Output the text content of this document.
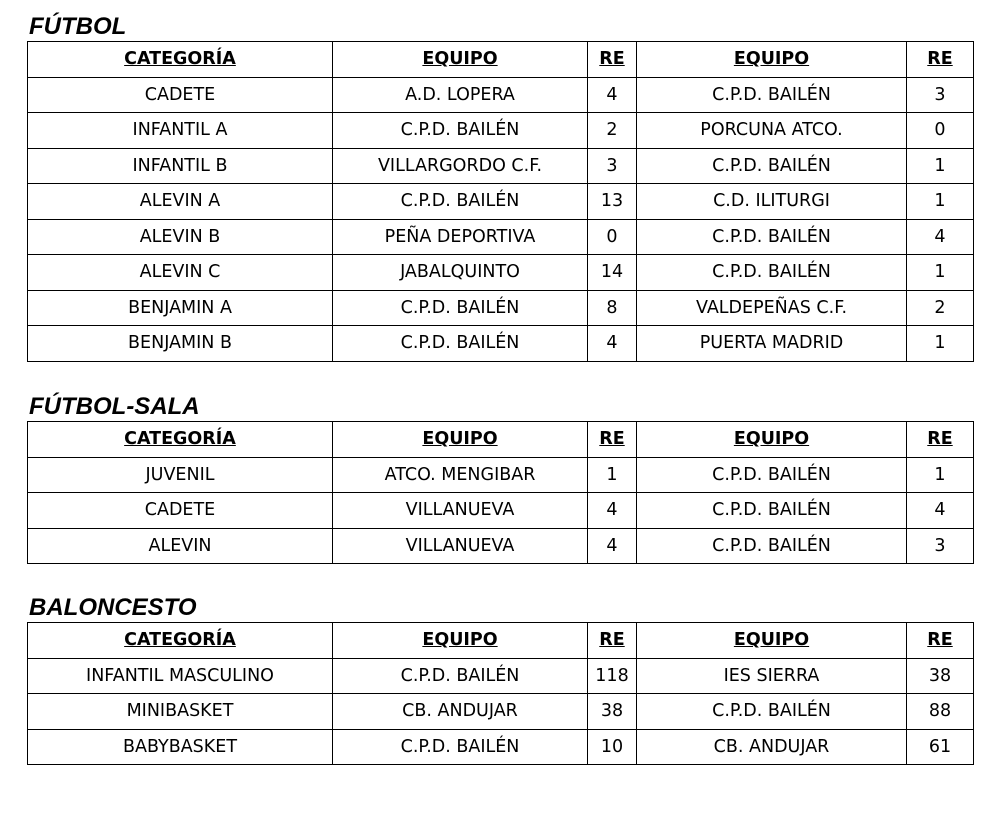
FÚTBOL
CATEGORÍA	EQUIPO	RE	EQUIPO	RE
CADETE	A.D. LOPERA	4	C.P.D. BAILÉN	3
INFANTIL A	C.P.D. BAILÉN	2	PORCUNA ATCO.	0
INFANTIL B	VILLARGORDO C.F.	3	C.P.D. BAILÉN	1
ALEVIN A	C.P.D. BAILÉN	13	C.D. ILITURGI	1
ALEVIN B	PEÑA DEPORTIVA	0	C.P.D. BAILÉN	4
ALEVIN C	JABALQUINTO	14	C.P.D. BAILÉN	1
BENJAMIN A	C.P.D. BAILÉN	8	VALDEPEÑAS C.F.	2
BENJAMIN B	C.P.D. BAILÉN	4	PUERTA MADRID	1
FÚTBOL-SALA
CATEGORÍA	EQUIPO	RE	EQUIPO	RE
JUVENIL	ATCO. MENGIBAR	1	C.P.D. BAILÉN	1
CADETE	VILLANUEVA	4	C.P.D. BAILÉN	4
ALEVIN	VILLANUEVA	4	C.P.D. BAILÉN	3
BALONCESTO
CATEGORÍA	EQUIPO	RE	EQUIPO	RE
INFANTIL MASCULINO	C.P.D. BAILÉN	118	IES SIERRA	38
MINIBASKET	CB. ANDUJAR	38	C.P.D. BAILÉN	88
BABYBASKET	C.P.D. BAILÉN	10	CB. ANDUJAR	61
